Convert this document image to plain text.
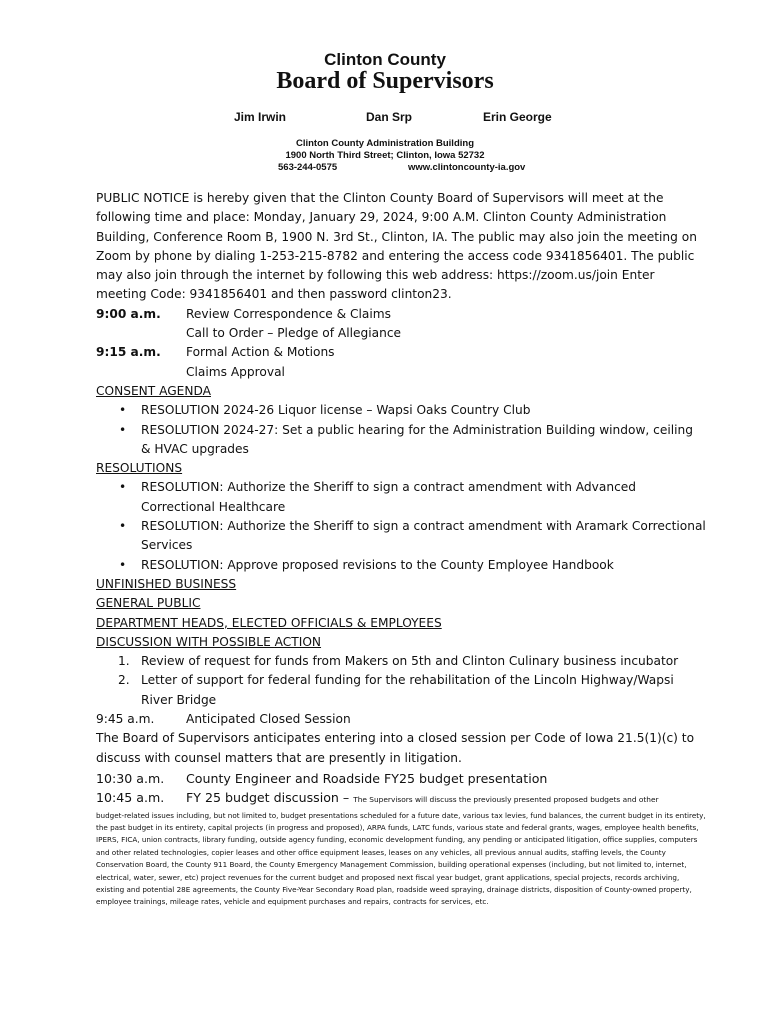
Clinton County
Board of Supervisors
Jim Irwin	Dan Srp	Erin George
Clinton County Administration Building
1900 North Third Street; Clinton, Iowa 52732
563-244-0575	www.clintoncounty-ia.gov

PUBLIC NOTICE is hereby given that the Clinton County Board of Supervisors will meet at the following time and place: Monday, January 29, 2024, 9:00 A.M. Clinton County Administration Building, Conference Room B, 1900 N. 3rd St., Clinton, IA. The public may also join the meeting on Zoom by phone by dialing 1-253-215-8782 and entering the access code 9341856401. The public may also join through the internet by following this web address: https://zoom.us/join Enter meeting Code: 9341856401 and then password clinton23.

9:00 a.m.	Review Correspondence & Claims
Call to Order – Pledge of Allegiance
9:15 a.m.	Formal Action & Motions
Claims Approval
CONSENT AGENDA
• RESOLUTION 2024-26 Liquor license – Wapsi Oaks Country Club
• RESOLUTION 2024-27: Set a public hearing for the Administration Building window, ceiling & HVAC upgrades
RESOLUTIONS
• RESOLUTION: Authorize the Sheriff to sign a contract amendment with Advanced Correctional Healthcare
• RESOLUTION: Authorize the Sheriff to sign a contract amendment with Aramark Correctional Services
• RESOLUTION: Approve proposed revisions to the County Employee Handbook
UNFINISHED BUSINESS
GENERAL PUBLIC
DEPARTMENT HEADS, ELECTED OFFICIALS & EMPLOYEES
DISCUSSION WITH POSSIBLE ACTION
1. Review of request for funds from Makers on 5th and Clinton Culinary business incubator
2. Letter of support for federal funding for the rehabilitation of the Lincoln Highway/Wapsi River Bridge
9:45 a.m.	Anticipated Closed Session

The Board of Supervisors anticipates entering into a closed session per Code of Iowa 21.5(1)(c) to discuss with counsel matters that are presently in litigation.

10:30 a.m.	County Engineer and Roadside FY25 budget presentation
10:45 a.m.	FY 25 budget discussion – The Supervisors will discuss the previously presented proposed budgets and other

budget-related issues including, but not limited to, budget presentations scheduled for a future date, various tax levies, fund balances, the current budget in its entirety, the past budget in its entirety, capital projects (in progress and proposed), ARPA funds, LATC funds, various state and federal grants, wages, employee health benefits, IPERS, FICA, union contracts, library funding, outside agency funding, economic development funding, any pending or anticipated litigation, office supplies, computers and other related technologies, copier leases and other office equipment leases, leases on any vehicles, all previous annual audits, staffing levels, the County Conservation Board, the County 911 Board, the County Emergency Management Commission, building operational expenses (including, but not limited to, internet, electrical, water, sewer, etc) project revenues for the current budget and proposed next fiscal year budget, grant applications, special projects, records archiving, existing and potential 28E agreements, the County Five-Year Secondary Road plan, roadside weed spraying, drainage districts, disposition of County-owned property, employee trainings, mileage rates, vehicle and equipment purchases and repairs, contracts for services, etc.
